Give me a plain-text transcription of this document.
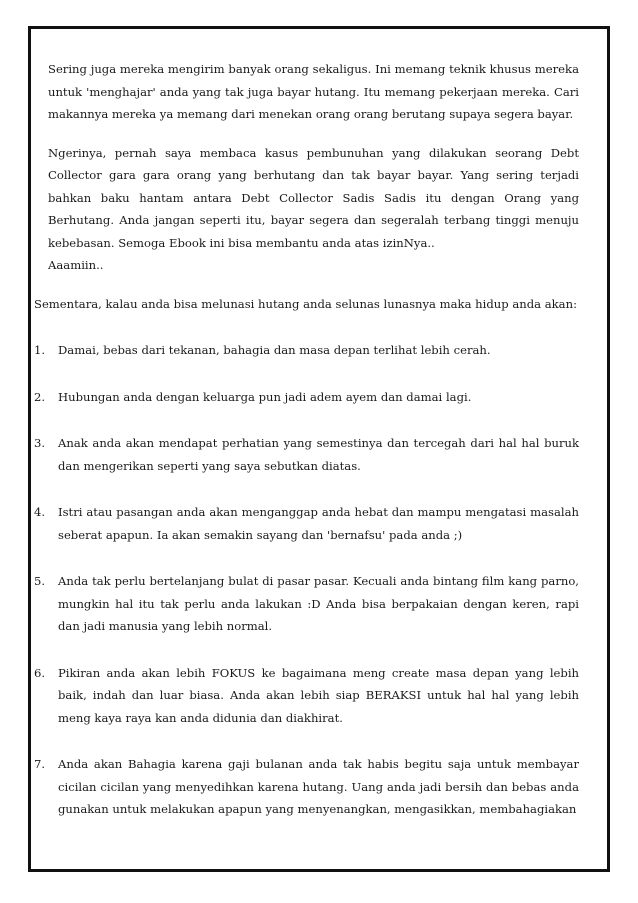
Sering juga mereka mengirim banyak orang sekaligus. Ini memang teknik khusus mereka untuk 'menghajar' anda yang tak juga bayar hutang. Itu memang pekerjaan mereka. Cari makannya mereka ya memang dari menekan orang orang berutang supaya segera bayar.

Ngerinya, pernah saya membaca kasus pembunuhan yang dilakukan seorang Debt Collector gara gara orang yang berhutang dan tak bayar bayar. Yang sering terjadi bahkan baku hantam antara Debt Collector Sadis Sadis itu dengan Orang yang Berhutang. Anda jangan seperti itu, bayar segera dan segeralah terbang tinggi menuju kebebasan. Semoga Ebook ini bisa membantu anda atas izinNya..

Aaamiin..

Sementara, kalau anda bisa melunasi hutang anda selunas lunasnya maka hidup anda akan:

1. Damai, bebas dari tekanan, bahagia dan masa depan terlihat lebih cerah.
2. Hubungan anda dengan keluarga pun jadi adem ayem dan damai lagi.
3. Anak anda akan mendapat perhatian yang semestinya dan tercegah dari hal hal buruk dan mengerikan seperti yang saya sebutkan diatas.
4. Istri atau pasangan anda akan menganggap anda hebat dan mampu mengatasi masalah seberat apapun. Ia akan semakin sayang dan 'bernafsu' pada anda ;)
5. Anda tak perlu bertelanjang bulat di pasar pasar. Kecuali anda bintang film kang parno, mungkin hal itu tak perlu anda lakukan :D Anda bisa berpakaian dengan keren, rapi dan jadi manusia yang lebih normal.
6. Pikiran anda akan lebih FOKUS ke bagaimana meng create masa depan yang lebih baik, indah dan luar biasa. Anda akan lebih siap BERAKSI untuk hal hal yang lebih meng kaya raya kan anda didunia dan diakhirat.
7. Anda akan Bahagia karena gaji bulanan anda tak habis begitu saja untuk membayar cicilan cicilan yang menyedihkan karena hutang. Uang anda jadi bersih dan bebas anda gunakan untuk melakukan apapun yang menyenangkan, mengasikkan, membahagiakan
